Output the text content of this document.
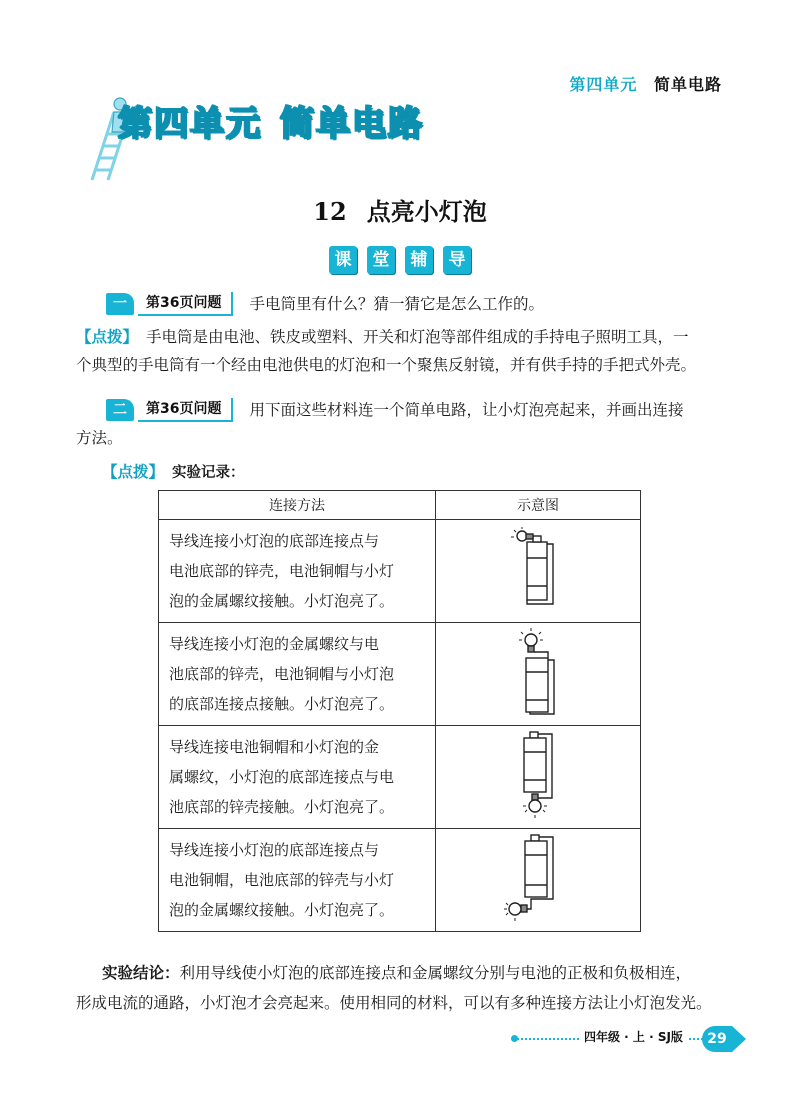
第四单元 简单电路
第四单元 简单电路
12 点亮小灯泡
课 堂 辅 导
一	第36页问题	手电筒里有什么？猜一猜它是怎么工作的。
【点拨】 手电筒是由电池、铁皮或塑料、开关和灯泡等部件组成的手持电子照明工具，一
个典型的手电筒有一个经由电池供电的灯泡和一个聚焦反射镜，并有供手持的手把式外壳。
二	第36页问题	用下面这些材料连一个简单电路，让小灯泡亮起来，并画出连接
方法。
【点拨】 实验记录：
连接方法	示意图

导线连接小灯泡的底部连接点与
电池底部的锌壳，电池铜帽与小灯
泡的金属螺纹接触。小灯泡亮了。

导线连接小灯泡的金属螺纹与电
池底部的锌壳，电池铜帽与小灯泡
的底部连接点接触。小灯泡亮了。

导线连接电池铜帽和小灯泡的金
属螺纹，小灯泡的底部连接点与电
池底部的锌壳接触。小灯泡亮了。

导线连接小灯泡的底部连接点与
电池铜帽，电池底部的锌壳与小灯
泡的金属螺纹接触。小灯泡亮了。

实验结论：利用导线使小灯泡的底部连接点和金属螺纹分别与电池的正极和负极相连，
形成电流的通路，小灯泡才会亮起来。使用相同的材料，可以有多种连接方法让小灯泡发光。
四年级 · 上 · SJ版	29
